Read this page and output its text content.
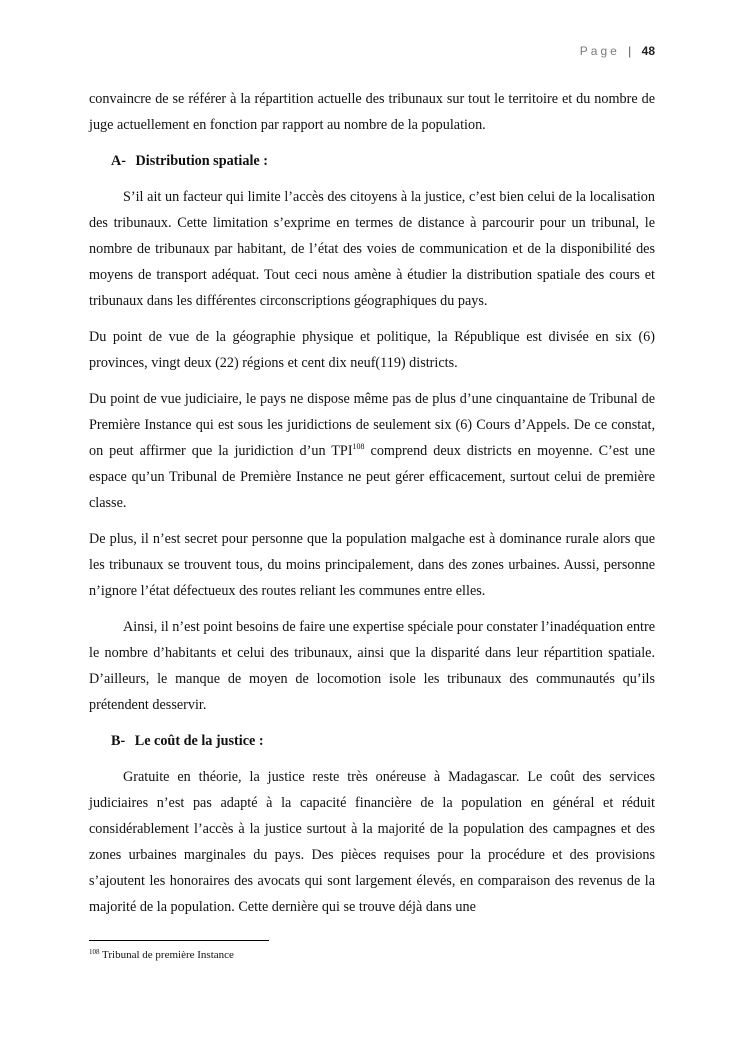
Page | 48

convaincre de se référer à la répartition actuelle des tribunaux sur tout le territoire et du nombre de juge actuellement en fonction par rapport au nombre de la population.

A- Distribution spatiale :

S’il ait un facteur qui limite l’accès des citoyens à la justice, c’est bien celui de la localisation des tribunaux. Cette limitation s’exprime en termes de distance à parcourir pour un tribunal, le nombre de tribunaux par habitant, de l’état des voies de communication et de la disponibilité des moyens de transport adéquat. Tout ceci nous amène à étudier la distribution spatiale des cours et tribunaux dans les différentes circonscriptions géographiques du pays.

Du point de vue de la géographie physique et politique, la République est divisée en six (6) provinces, vingt deux (22) régions et cent dix neuf(119) districts.

Du point de vue judiciaire, le pays ne dispose même pas de plus d’une cinquantaine de Tribunal de Première Instance qui est sous les juridictions de seulement six (6) Cours d’Appels. De ce constat, on peut affirmer que la juridiction d’un TPI$^{108}$ comprend deux districts en moyenne. C’est une espace qu’un Tribunal de Première Instance ne peut gérer efficacement, surtout celui de première classe.

De plus, il n’est secret pour personne que la population malgache est à dominance rurale alors que les tribunaux se trouvent tous, du moins principalement, dans des zones urbaines. Aussi, personne n’ignore l’état défectueux des routes reliant les communes entre elles.

Ainsi, il n’est point besoins de faire une expertise spéciale pour constater l’inadéquation entre le nombre d’habitants et celui des tribunaux, ainsi que la disparité dans leur répartition spatiale. D’ailleurs, le manque de moyen de locomotion isole les tribunaux des communautés qu’ils prétendent desservir.

B- Le coût de la justice :

Gratuite en théorie, la justice reste très onéreuse à Madagascar. Le coût des services judiciaires n’est pas adapté à la capacité financière de la population en général et réduit considérablement l’accès à la justice surtout à la majorité de la population des campagnes et des zones urbaines marginales du pays. Des pièces requises pour la procédure et des provisions s’ajoutent les honoraires des avocats qui sont largement élevés, en comparaison des revenus de la majorité de la population. Cette dernière qui se trouve déjà dans une

$^{108}$ Tribunal de première Instance
